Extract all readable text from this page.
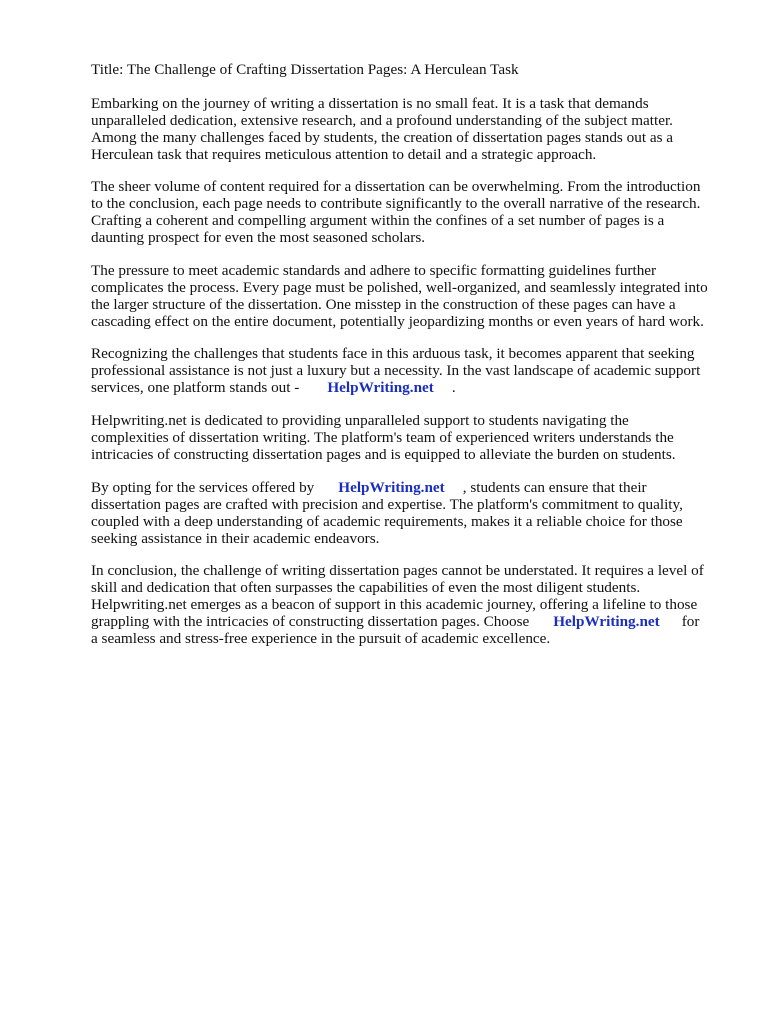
Title: The Challenge of Crafting Dissertation Pages: A Herculean Task
Embarking on the journey of writing a dissertation is no small feat. It is a task that demands
unparalleled dedication, extensive research, and a profound understanding of the subject matter.
Among the many challenges faced by students, the creation of dissertation pages stands out as a
Herculean task that requires meticulous attention to detail and a strategic approach.
The sheer volume of content required for a dissertation can be overwhelming. From the introduction
to the conclusion, each page needs to contribute significantly to the overall narrative of the research.
Crafting a coherent and compelling argument within the confines of a set number of pages is a
daunting prospect for even the most seasoned scholars.
The pressure to meet academic standards and adhere to specific formatting guidelines further
complicates the process. Every page must be polished, well-organized, and seamlessly integrated into
the larger structure of the dissertation. One misstep in the construction of these pages can have a
cascading effect on the entire document, potentially jeopardizing months or even years of hard work.
Recognizing the challenges that students face in this arduous task, it becomes apparent that seeking
professional assistance is not just a luxury but a necessity. In the vast landscape of academic support
services, one platform stands out - HelpWriting.net .
Helpwriting.net is dedicated to providing unparalleled support to students navigating the
complexities of dissertation writing. The platform's team of experienced writers understands the
intricacies of constructing dissertation pages and is equipped to alleviate the burden on students.
By opting for the services offered by HelpWriting.net , students can ensure that their
dissertation pages are crafted with precision and expertise. The platform's commitment to quality,
coupled with a deep understanding of academic requirements, makes it a reliable choice for those
seeking assistance in their academic endeavors.
In conclusion, the challenge of writing dissertation pages cannot be understated. It requires a level of
skill and dedication that often surpasses the capabilities of even the most diligent students.
Helpwriting.net emerges as a beacon of support in this academic journey, offering a lifeline to those
grappling with the intricacies of constructing dissertation pages. Choose HelpWriting.net for
a seamless and stress-free experience in the pursuit of academic excellence.
